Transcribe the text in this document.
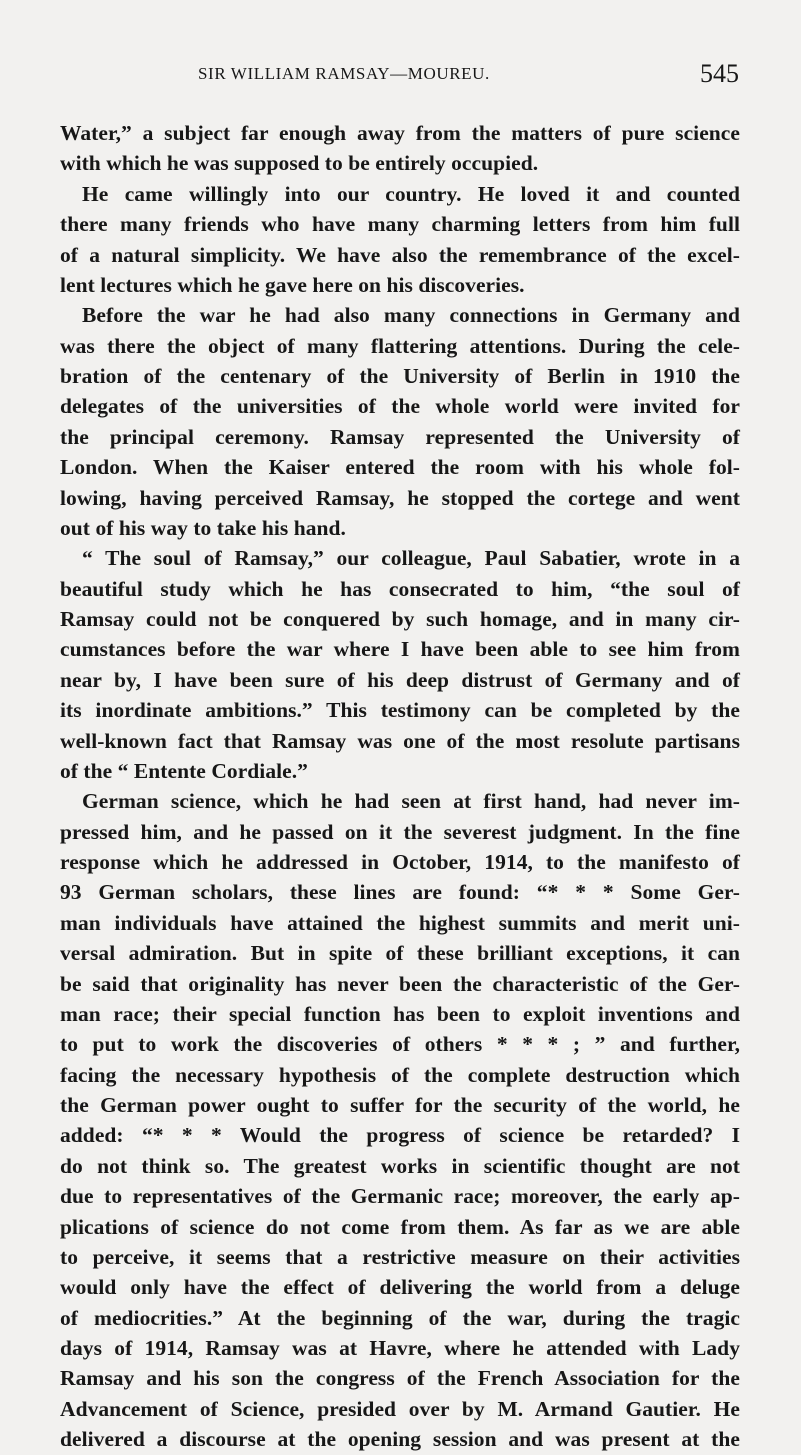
SIR WILLIAM RAMSAY—MOUREU.	545
Water,” a subject far enough away from the matters of pure science
with which he was supposed to be entirely occupied.
He came willingly into our country. He loved it and counted
there many friends who have many charming letters from him full
of a natural simplicity. We have also the remembrance of the excel-
lent lectures which he gave here on his discoveries.
Before the war he had also many connections in Germany and
was there the object of many flattering attentions. During the cele-
bration of the centenary of the University of Berlin in 1910 the
delegates of the universities of the whole world were invited for
the principal ceremony. Ramsay represented the University of
London. When the Kaiser entered the room with his whole fol-
lowing, having perceived Ramsay, he stopped the cortege and went
out of his way to take his hand.
“ The soul of Ramsay,” our colleague, Paul Sabatier, wrote in a
beautiful study which he has consecrated to him, “the soul of
Ramsay could not be conquered by such homage, and in many cir-
cumstances before the war where I have been able to see him from
near by, I have been sure of his deep distrust of Germany and of
its inordinate ambitions.” This testimony can be completed by the
well-known fact that Ramsay was one of the most resolute partisans
of the “ Entente Cordiale.”
German science, which he had seen at first hand, had never im-
pressed him, and he passed on it the severest judgment. In the fine
response which he addressed in October, 1914, to the manifesto of
93 German scholars, these lines are found: “* * * Some Ger-
man individuals have attained the highest summits and merit uni-
versal admiration. But in spite of these brilliant exceptions, it can
be said that originality has never been the characteristic of the Ger-
man race; their special function has been to exploit inventions and
to put to work the discoveries of others * * * ; ” and further,
facing the necessary hypothesis of the complete destruction which
the German power ought to suffer for the security of the world, he
added: “* * * Would the progress of science be retarded? I
do not think so. The greatest works in scientific thought are not
due to representatives of the Germanic race; moreover, the early ap-
plications of science do not come from them. As far as we are able
to perceive, it seems that a restrictive measure on their activities
would only have the effect of delivering the world from a deluge
of mediocrities.” At the beginning of the war, during the tragic
days of 1914, Ramsay was at Havre, where he attended with Lady
Ramsay and his son the congress of the French Association for the
Advancement of Science, presided over by M. Armand Gautier. He
delivered a discourse at the opening session and was present at the
